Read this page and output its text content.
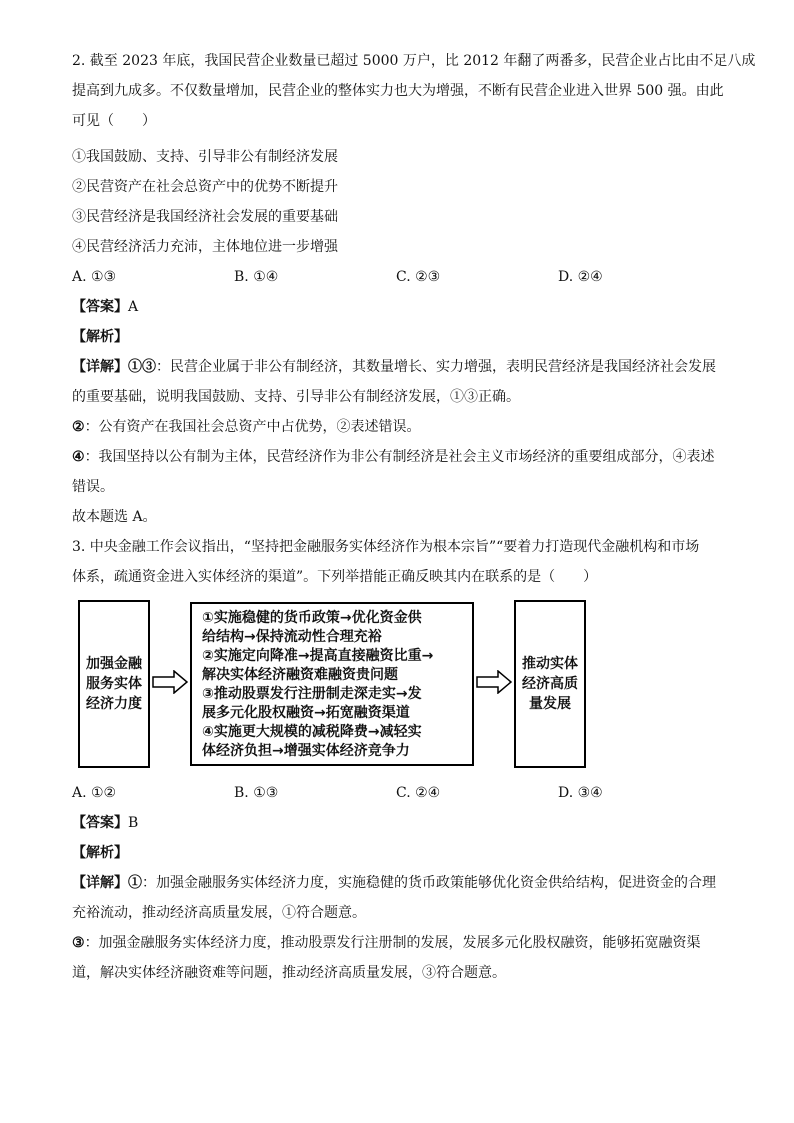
2. 截至 2023 年底，我国民营企业数量已超过 5000 万户，比 2012 年翻了两番多，民营企业占比由不足八成

提高到九成多。不仅数量增加，民营企业的整体实力也大为增强，不断有民营企业进入世界 500 强。由此

可见（　　）

①我国鼓励、支持、引导非公有制经济发展
②民营资产在社会总资产中的优势不断提升
③民营经济是我国经济社会发展的重要基础
④民营经济活力充沛，主体地位进一步增强
A. ①③	B. ①④	C. ②③	D. ②④
【答案】A
【解析】

【详解】①③：民营企业属于非公有制经济，其数量增长、实力增强，表明民营经济是我国经济社会发展的重要基础，说明我国鼓励、支持、引导非公有制经济发展，①③正确。

②：公有资产在我国社会总资产中占优势，②表述错误。

④：我国坚持以公有制为主体，民营经济作为非公有制经济是社会主义市场经济的重要组成部分，④表述错误。

故本题选 A。

3. 中央金融工作会议指出，“坚持把金融服务实体经济作为根本宗旨”“要着力打造现代金融机构和市场

体系，疏通资金进入实体经济的渠道”。下列举措能正确反映其内在联系的是（　　）

加强金融服务实体经济力度

①实施稳健的货币政策→优化资金供

给结构→保持流动性合理充裕

②实施定向降准→提高直接融资比重→

解决实体经济融资难融资贵问题

③推动股票发行注册制走深走实→发

展多元化股权融资→拓宽融资渠道

④实施更大规模的减税降费→减轻实

体经济负担→增强实体经济竞争力

推动实体经济高质量发展
A. ①②	B. ①③	C. ②④	D. ③④
【答案】B
【解析】

【详解】①：加强金融服务实体经济力度，实施稳健的货币政策能够优化资金供给结构，促进资金的合理充裕流动，推动经济高质量发展，①符合题意。

③：加强金融服务实体经济力度，推动股票发行注册制的发展，发展多元化股权融资，能够拓宽融资渠道，解决实体经济融资难等问题，推动经济高质量发展，③符合题意。
